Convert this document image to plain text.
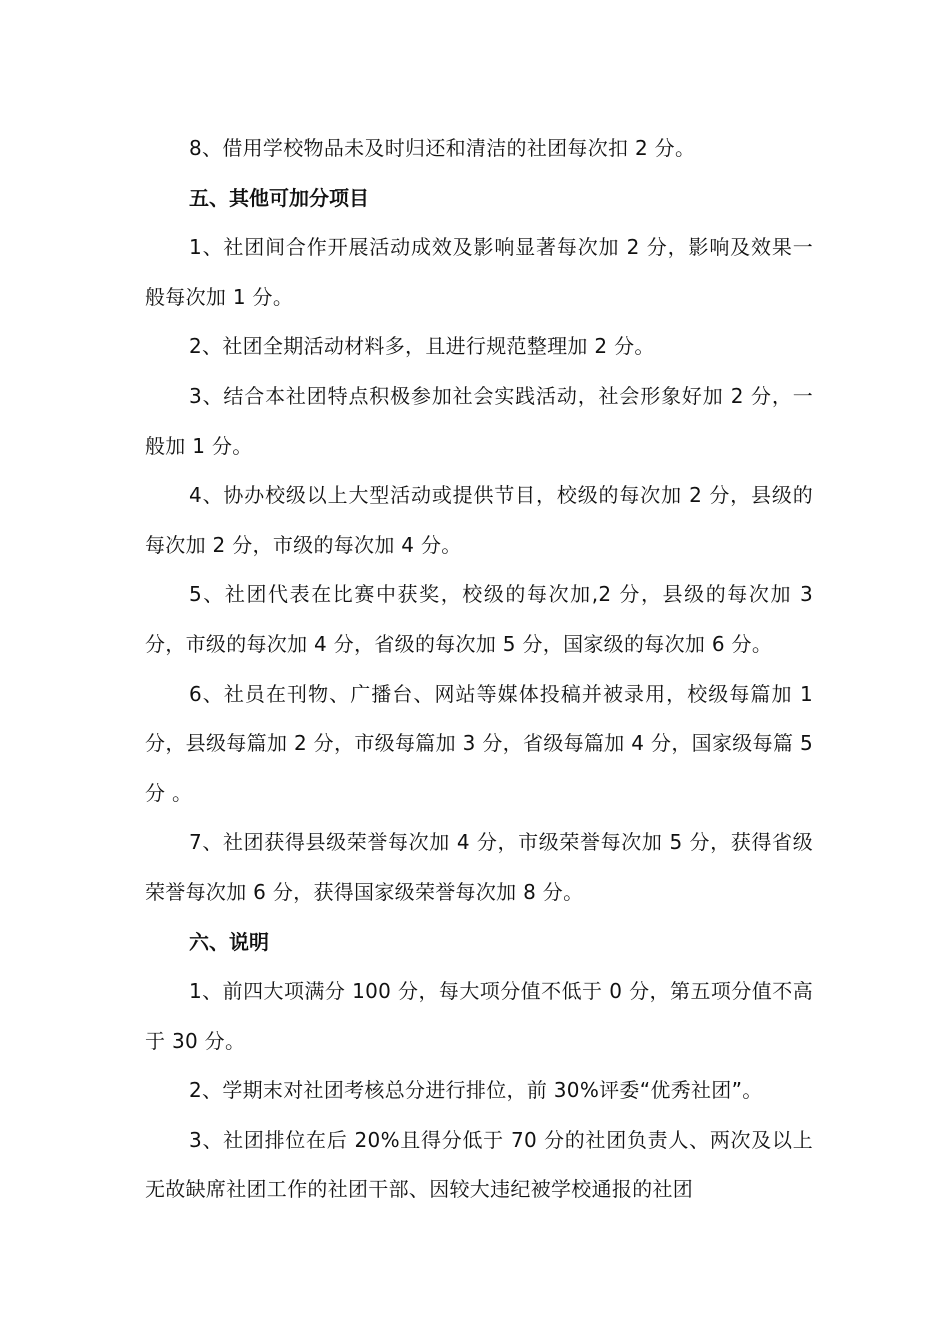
8、借用学校物品未及时归还和清洁的社团每次扣 2 分。

五、其他可加分项目

1、社团间合作开展活动成效及影响显著每次加 2 分，影响及效果一般每次加 1 分。

2、社团全期活动材料多，且进行规范整理加 2 分。

3、结合本社团特点积极参加社会实践活动，社会形象好加 2 分，一般加 1 分。

4、协办校级以上大型活动或提供节目，校级的每次加 2 分，县级的每次加 2 分，市级的每次加 4 分。

5、社团代表在比赛中获奖，校级的每次加,2 分，县级的每次加 3 分，市级的每次加 4 分，省级的每次加 5 分，国家级的每次加 6 分。

6、社员在刊物、广播台、网站等媒体投稿并被录用，校级每篇加 1 分，县级每篇加 2 分，市级每篇加 3 分，省级每篇加 4 分，国家级每篇 5 分 。

7、社团获得县级荣誉每次加 4 分，市级荣誉每次加 5 分，获得省级荣誉每次加 6 分，获得国家级荣誉每次加 8 分。

六、说明

1、前四大项满分 100 分，每大项分值不低于 0 分，第五项分值不高于 30 分。

2、学期末对社团考核总分进行排位，前 30%评委“优秀社团”。

3、社团排位在后 20%且得分低于 70 分的社团负责人、两次及以上无故缺席社团工作的社团干部、因较大违纪被学校通报的社团
